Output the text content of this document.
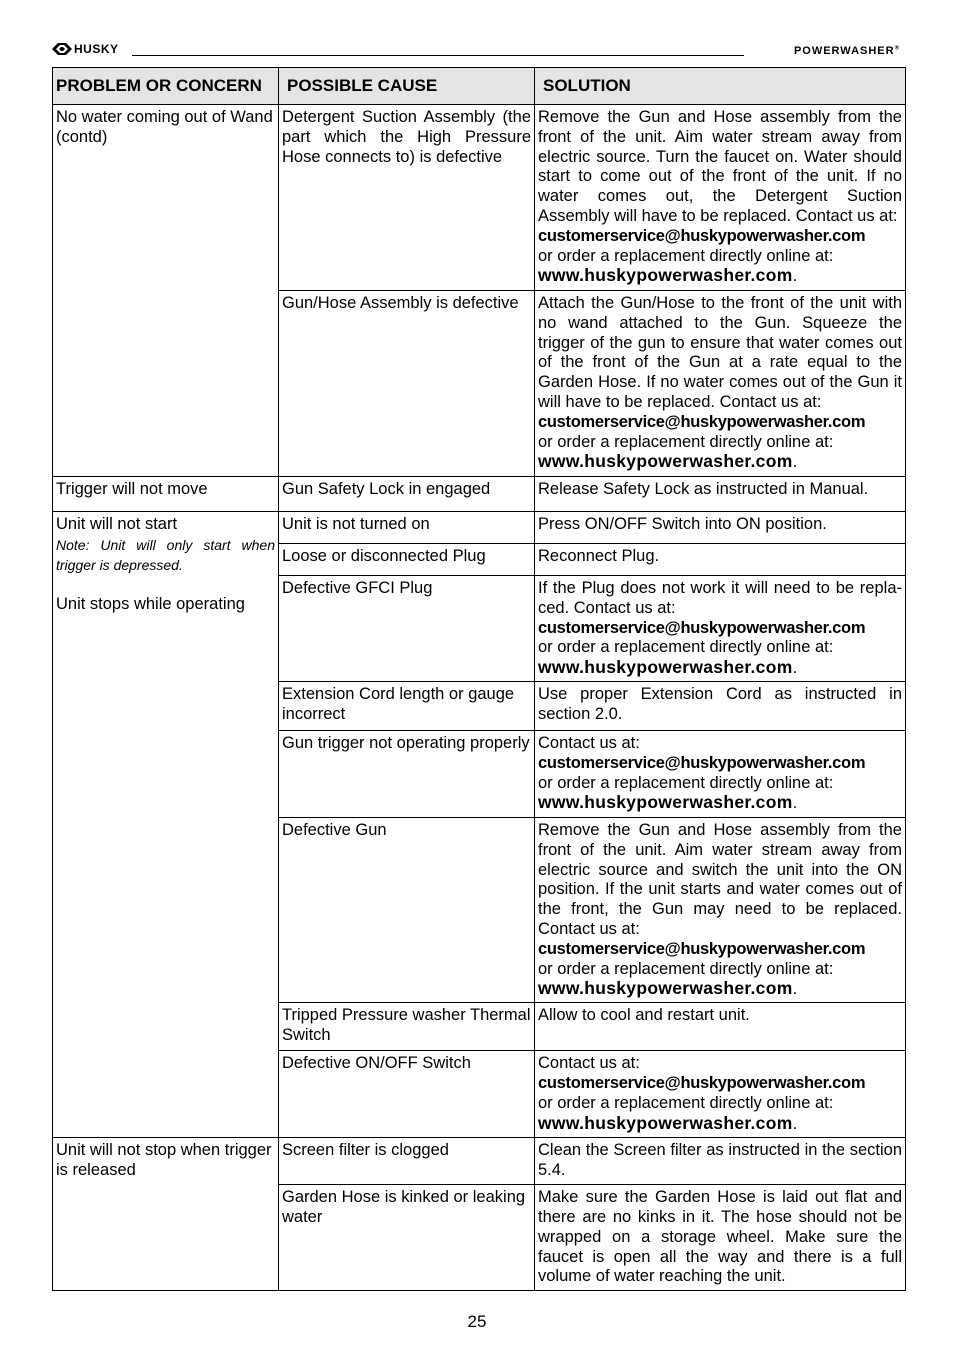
HUSKY	POWERWASHER®
PROBLEM OR CONCERN	POSSIBLE CAUSE	SOLUTION
No water coming out of Wand (contd)	Detergent Suction Assembly (the part which the High Pressure Hose connects to) is defective	Remove the Gun and Hose assembly from the front of the unit. Aim water stream away from electric source. Turn the faucet on. Water should start to come out of the front of the unit. If no water comes out, the Detergent Suction Assembly will have to be replaced. Contact us at:
customerservice@huskypowerwasher.com
or order a replacement directly online at:
www.huskypowerwasher.com.
	Gun/Hose Assembly is defective	Attach the Gun/Hose to the front of the unit with no wand attached to the Gun. Squeeze the trigger of the gun to ensure that water comes out of the front of the Gun at a rate equal to the Garden Hose. If no water comes out of the Gun it will have to be replaced. Contact us at:
customerservice@huskypowerwasher.com
or order a replacement directly online at:
www.huskypowerwasher.com.
Trigger will not move	Gun Safety Lock in engaged	Release Safety Lock as instructed in Manual.
Unit will not start
Note: Unit will only start when trigger is depressed.
Unit stops while operating	Unit is not turned on	Press ON/OFF Switch into ON position.
	Loose or disconnected Plug	Reconnect Plug.
	Defective GFCI Plug	If the Plug does not work it will need to be repla-ced. Contact us at:
customerservice@huskypowerwasher.com
or order a replacement directly online at:
www.huskypowerwasher.com.
	Extension Cord length or gauge incorrect	Use proper Extension Cord as instructed in section 2.0.
	Gun trigger not operating properly	Contact us at:
customerservice@huskypowerwasher.com
or order a replacement directly online at:
www.huskypowerwasher.com.
	Defective Gun	Remove the Gun and Hose assembly from the front of the unit. Aim water stream away from electric source and switch the unit into the ON position. If the unit starts and water comes out of the front, the Gun may need to be replaced. Contact us at:
customerservice@huskypowerwasher.com
or order a replacement directly online at:
www.huskypowerwasher.com.
	Tripped Pressure washer Thermal Switch	Allow to cool and restart unit.
	Defective ON/OFF Switch	Contact us at:
customerservice@huskypowerwasher.com
or order a replacement directly online at:
www.huskypowerwasher.com.
Unit will not stop when trigger is released	Screen filter is clogged	Clean the Screen filter as instructed in the section 5.4.
	Garden Hose is kinked or leaking water	Make sure the Garden Hose is laid out flat and there are no kinks in it. The hose should not be wrapped on a storage wheel. Make sure the faucet is open all the way and there is a full volume of water reaching the unit.
25
